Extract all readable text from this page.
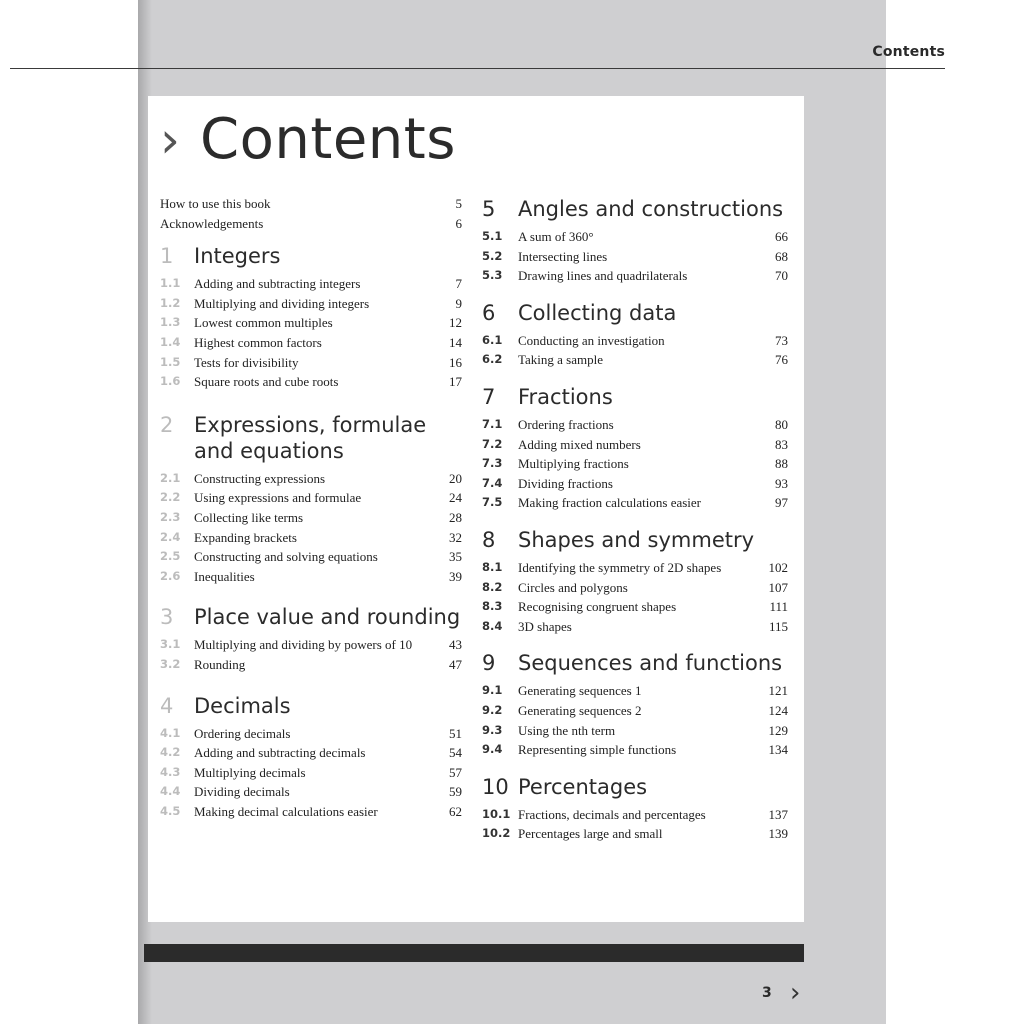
Contents
› Contents
How to use this book	5
Acknowledgements	6
1 Integers
1.1	Adding and subtracting integers	7
1.2	Multiplying and dividing integers	9
1.3	Lowest common multiples	12
1.4	Highest common factors	14
1.5	Tests for divisibility	16
1.6	Square roots and cube roots	17
2 Expressions, formulae and equations
2.1	Constructing expressions	20
2.2	Using expressions and formulae	24
2.3	Collecting like terms	28
2.4	Expanding brackets	32
2.5	Constructing and solving equations	35
2.6	Inequalities	39
3 Place value and rounding
3.1	Multiplying and dividing by powers of 10	43
3.2	Rounding	47
4 Decimals
4.1	Ordering decimals	51
4.2	Adding and subtracting decimals	54
4.3	Multiplying decimals	57
4.4	Dividing decimals	59
4.5	Making decimal calculations easier	62
5 Angles and constructions
5.1	A sum of 360°	66
5.2	Intersecting lines	68
5.3	Drawing lines and quadrilaterals	70
6 Collecting data
6.1	Conducting an investigation	73
6.2	Taking a sample	76
7 Fractions
7.1	Ordering fractions	80
7.2	Adding mixed numbers	83
7.3	Multiplying fractions	88
7.4	Dividing fractions	93
7.5	Making fraction calculations easier	97
8 Shapes and symmetry
8.1	Identifying the symmetry of 2D shapes	102
8.2	Circles and polygons	107
8.3	Recognising congruent shapes	111
8.4	3D shapes	115
9 Sequences and functions
9.1	Generating sequences 1	121
9.2	Generating sequences 2	124
9.3	Using the nth term	129
9.4	Representing simple functions	134
10 Percentages
10.1 Fractions, decimals and percentages	137
10.2 Percentages large and small	139
3 ›
